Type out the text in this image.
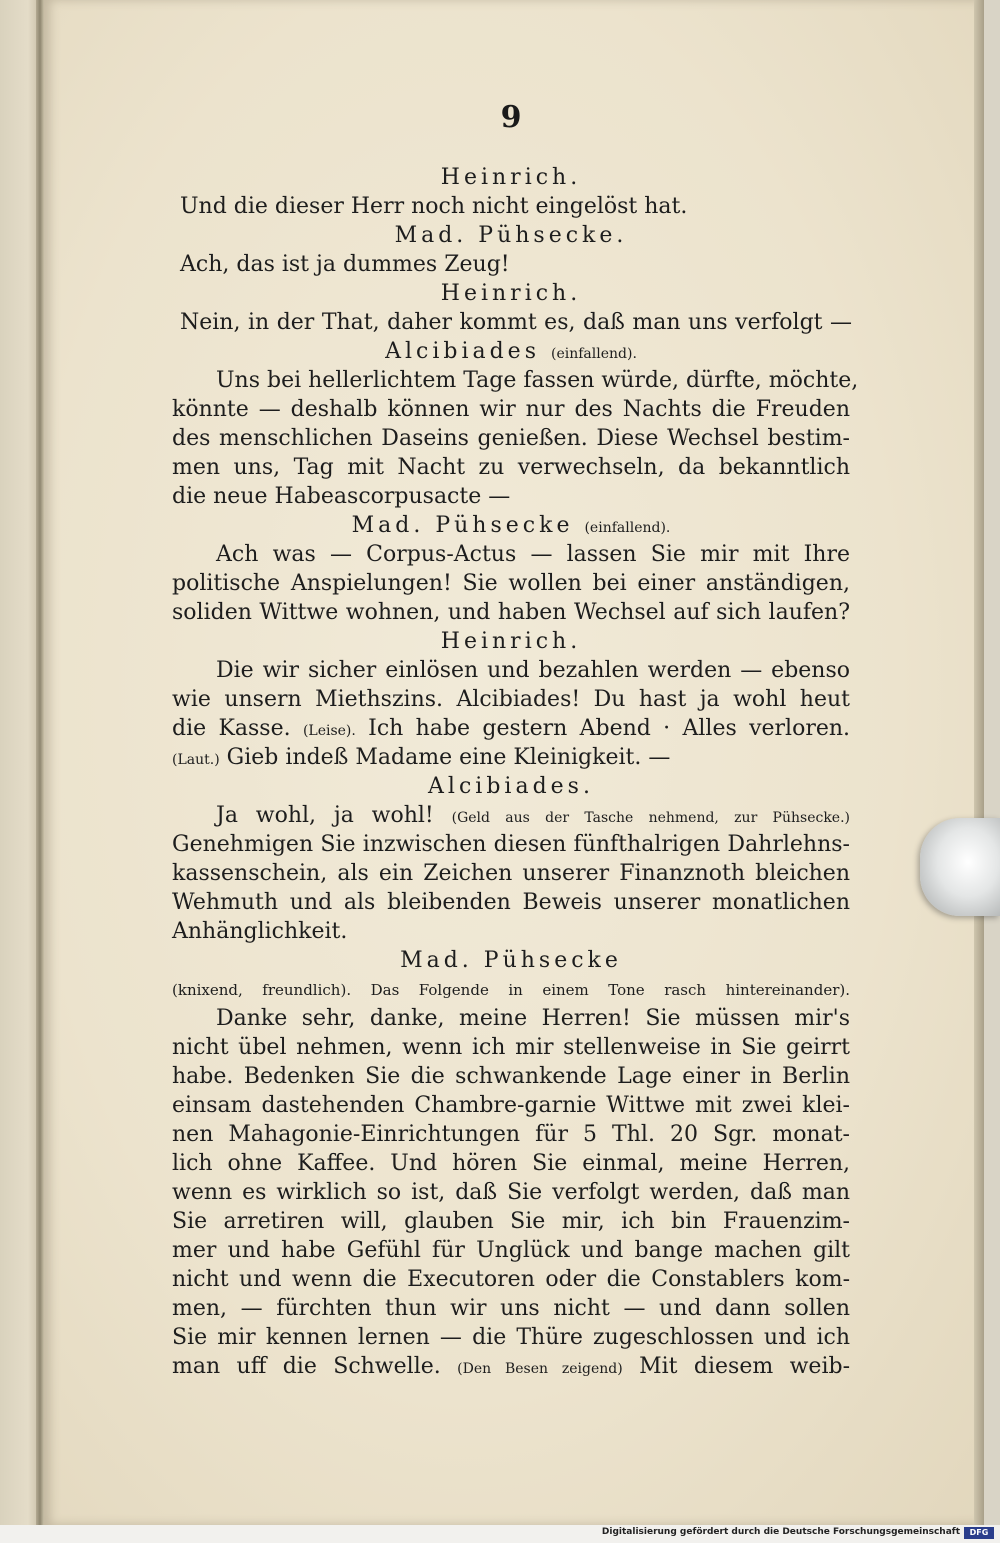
9
Heinrich.
Und die dieser Herr noch nicht eingelöst hat.
Mad. Pühsecke.
Ach, das ist ja dummes Zeug!
Heinrich.
Nein, in der That, daher kommt es, daß man uns verfolgt —
Alcibiades (einfallend).
Uns bei hellerlichtem Tage fassen würde, dürfte, möchte,
könnte — deshalb können wir nur des Nachts die Freuden
des menschlichen Daseins genießen. Diese Wechsel bestim-
men uns, Tag mit Nacht zu verwechseln, da bekanntlich
die neue Habeascorpusacte —
Mad. Pühsecke (einfallend).
Ach was — Corpus-Actus — lassen Sie mir mit Ihre
politische Anspielungen! Sie wollen bei einer anständigen,
soliden Wittwe wohnen, und haben Wechsel auf sich laufen?
Heinrich.
Die wir sicher einlösen und bezahlen werden — ebenso
wie unsern Miethszins. Alcibiades! Du hast ja wohl heut
die Kasse. (Leise). Ich habe gestern Abend · Alles verloren.
(Laut.) Gieb indeß Madame eine Kleinigkeit. —
Alcibiades.
Ja wohl, ja wohl! (Geld aus der Tasche nehmend, zur Pühsecke.)
Genehmigen Sie inzwischen diesen fünfthalrigen Dahrlehns-
kassenschein, als ein Zeichen unserer Finanznoth bleichen
Wehmuth und als bleibenden Beweis unserer monatlichen
Anhänglichkeit.
Mad. Pühsecke
(knixend, freundlich). Das Folgende in einem Tone rasch hintereinander).
Danke sehr, danke, meine Herren! Sie müssen mir's
nicht übel nehmen, wenn ich mir stellenweise in Sie geirrt
habe. Bedenken Sie die schwankende Lage einer in Berlin
einsam dastehenden Chambre-garnie Wittwe mit zwei klei-
nen Mahagonie-Einrichtungen für 5 Thl. 20 Sgr. monat-
lich ohne Kaffee. Und hören Sie einmal, meine Herren,
wenn es wirklich so ist, daß Sie verfolgt werden, daß man
Sie arretiren will, glauben Sie mir, ich bin Frauenzim-
mer und habe Gefühl für Unglück und bange machen gilt
nicht und wenn die Executoren oder die Constablers kom-
men, — fürchten thun wir uns nicht — und dann sollen
Sie mir kennen lernen — die Thüre zugeschlossen und ich
man uff die Schwelle. (Den Besen zeigend) Mit diesem weib-
Digitalisierung gefördert durch die Deutsche Forschungsgemeinschaft	DFG
